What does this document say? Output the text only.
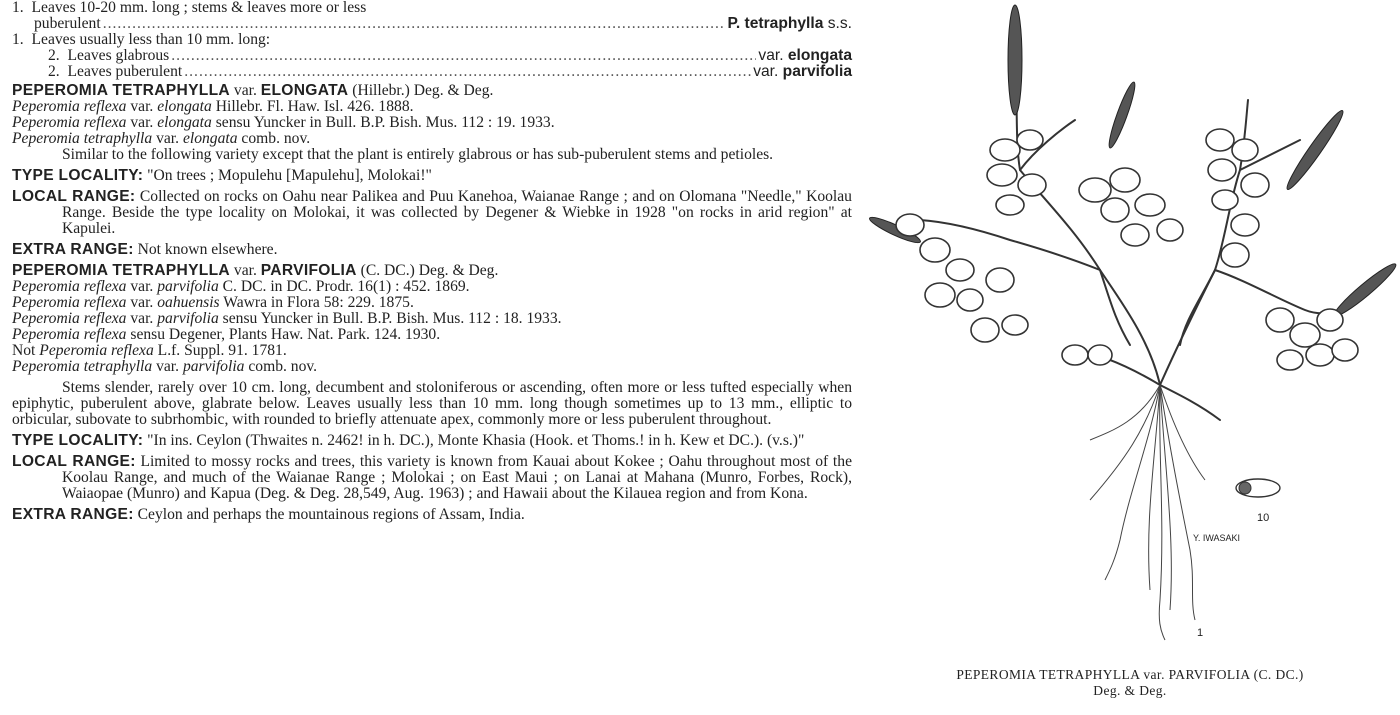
1. Leaves 10-20 mm. long ; stems & leaves more or less
puberulent .....	P. tetraphylla s.s.
1. Leaves usually less than 10 mm. long:
2.
Leaves glabrous .....	var. elongata
2.
Leaves puberulent .....	var. parvifolia
PEPEROMIA TETRAPHYLLA var. ELONGATA (Hillebr.) Deg. & Deg.
Peperomia reflexa var. elongata Hillebr. Fl. Haw. Isl. 426. 1888.
Peperomia reflexa var. elongata sensu Yuncker in Bull. B.P. Bish. Mus. 112 : 19. 1933.
Peperomia tetraphylla var. elongata comb. nov.
Similar to the following variety except that the plant is entirely glabrous or has sub-puberulent stems and petioles.
TYPE LOCALITY: "On trees ; Mopulehu [Mapulehu], Molokai!"
LOCAL RANGE: Collected on rocks on Oahu near Palikea and Puu Kanehoa, Waianae Range ; and on Olomana "Needle," Koolau Range. Beside the type locality on Molokai, it was collected by Degener & Wiebke in 1928 "on rocks in arid region" at Kapulei.
EXTRA RANGE: Not known elsewhere.
PEPEROMIA TETRAPHYLLA var. PARVIFOLIA (C. DC.) Deg. & Deg.
Peperomia reflexa var. parvifolia C. DC. in DC. Prodr. 16(1) : 452. 1869.
Peperomia reflexa var. oahuensis Wawra in Flora 58: 229. 1875.
Peperomia reflexa var. parvifolia sensu Yuncker in Bull. B.P. Bish. Mus. 112 : 18. 1933.
Peperomia reflexa sensu Degener, Plants Haw. Nat. Park. 124. 1930.
Not Peperomia reflexa L.f. Suppl. 91. 1781.
Peperomia tetraphylla var. parvifolia comb. nov.
Stems slender, rarely over 10 cm. long, decumbent and stoloniferous or ascending, often more or less tufted especially when epiphytic, puberulent above, glabrate below. Leaves usually less than 10 mm. long though sometimes up to 13 mm., elliptic to orbicular, subovate to subrhombic, with rounded to briefly attenuate apex, commonly more or less puberulent throughout.
TYPE LOCALITY: "In ins. Ceylon (Thwaites n. 2462! in h. DC.), Monte Khasia (Hook. et Thoms.! in h. Kew et DC.). (v.s.)"
LOCAL RANGE: Limited to mossy rocks and trees, this variety is known from Kauai about Kokee ; Oahu throughout most of the Koolau Range, and much of the Waianae Range ; Molokai ; on East Maui ; on Lanai at Mahana (Munro, Forbes, Rock), Waiaopae (Munro) and Kapua (Deg. & Deg. 28,549, Aug. 1963) ; and Hawaii about the Kilauea region and from Kona.
EXTRA RANGE: Ceylon and perhaps the mountainous regions of Assam, India.
Y. IWASAKI
10
1
PEPEROMIA TETRAPHYLLA var. PARVIFOLIA (C. DC.)
Deg. & Deg.
